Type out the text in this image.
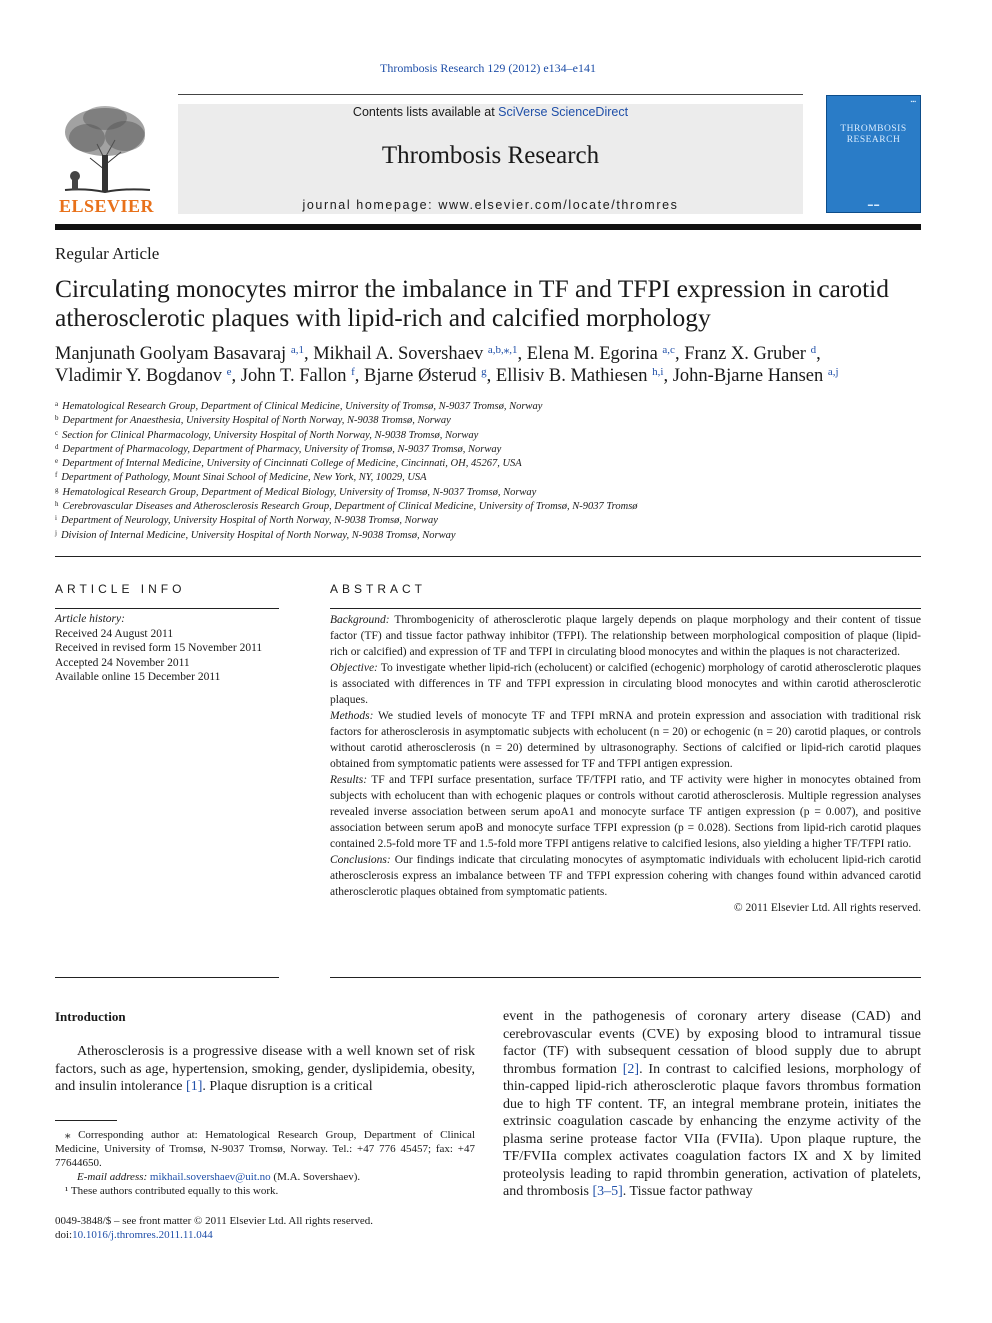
Thrombosis Research 129 (2012) e134–e141
ELSEVIER
Contents lists available at SciVerse ScienceDirect
Thrombosis Research
journal homepage: www.elsevier.com/locate/thromres
▪▪▪
THROMBOSIS
RESEARCH
▬ ▬
Regular Article
Circulating monocytes mirror the imbalance in TF and TFPI expression in carotid atherosclerotic plaques with lipid-rich and calcified morphology
Manjunath Goolyam Basavaraj $^{a,1}$, Mikhail A. Sovershaev $^{a,b,⁎,1}$, Elena M. Egorina $^{a,c}$, Franz X. Gruber $^d$,
Vladimir Y. Bogdanov $^e$, John T. Fallon $^f$, Bjarne Østerud $^g$, Ellisiv B. Mathiesen $^{h,i}$, John-Bjarne Hansen $^{a,j}$
$^a$ Hematological Research Group, Department of Clinical Medicine, University of Tromsø, N-9037 Tromsø, Norway
$^b$ Department for Anaesthesia, University Hospital of North Norway, N-9038 Tromsø, Norway
$^c$ Section for Clinical Pharmacology, University Hospital of North Norway, N-9038 Tromsø, Norway
$^d$ Department of Pharmacology, Department of Pharmacy, University of Tromsø, N-9037 Tromsø, Norway
$^e$ Department of Internal Medicine, University of Cincinnati College of Medicine, Cincinnati, OH, 45267, USA
$^f$ Department of Pathology, Mount Sinai School of Medicine, New York, NY, 10029, USA
$^g$ Hematological Research Group, Department of Medical Biology, University of Tromsø, N-9037 Tromsø, Norway
$^h$ Cerebrovascular Diseases and Atherosclerosis Research Group, Department of Clinical Medicine, University of Tromsø, N-9037 Tromsø
$^i$ Department of Neurology, University Hospital of North Norway, N-9038 Tromsø, Norway
$^j$ Division of Internal Medicine, University Hospital of North Norway, N-9038 Tromsø, Norway
ARTICLE INFO	ABSTRACT
Article history:
Received 24 August 2011
Received in revised form 15 November 2011
Accepted 24 November 2011
Available online 15 December 2011

Background: Thrombogenicity of atherosclerotic plaque largely depends on plaque morphology and their content of tissue factor (TF) and tissue factor pathway inhibitor (TFPI). The relationship between morphological composition of plaque (lipid-rich or calcified) and expression of TF and TFPI in circulating blood monocytes and within the plaques is not characterized.

Objective: To investigate whether lipid-rich (echolucent) or calcified (echogenic) morphology of carotid atherosclerotic plaques is associated with differences in TF and TFPI expression in circulating blood monocytes and within carotid atherosclerotic plaques.

Methods: We studied levels of monocyte TF and TFPI mRNA and protein expression and association with traditional risk factors for atherosclerosis in asymptomatic subjects with echolucent (n = 20) or echogenic (n = 20) carotid plaques, or controls without carotid atherosclerosis (n = 20) determined by ultrasonography. Sections of calcified or lipid-rich carotid plaques obtained from symptomatic patients were assessed for TF and TFPI antigen expression.

Results: TF and TFPI surface presentation, surface TF/TFPI ratio, and TF activity were higher in monocytes obtained from subjects with echolucent than with echogenic plaques or controls without carotid atherosclerosis. Multiple regression analyses revealed inverse association between serum apoA1 and monocyte surface TF antigen expression (p = 0.007), and positive association between serum apoB and monocyte surface TFPI expression (p = 0.028). Sections from lipid-rich carotid plaques contained 2.5-fold more TF and 1.5-fold more TFPI antigens relative to calcified lesions, also yielding a higher TF/TFPI ratio.

Conclusions: Our findings indicate that circulating monocytes of asymptomatic individuals with echolucent lipid-rich carotid atherosclerosis express an imbalance between TF and TFPI expression cohering with changes found within advanced carotid atherosclerotic plaques obtained from symptomatic patients.

© 2011 Elsevier Ltd. All rights reserved.

Introduction
Atherosclerosis is a progressive disease with a well known set of risk factors, such as age, hypertension, smoking, gender, dyslipidemia, obesity, and insulin intolerance [1]. Plaque disruption is a critical
event in the pathogenesis of coronary artery disease (CAD) and cerebrovascular events (CVE) by exposing blood to intramural tissue factor (TF) with subsequent cessation of blood supply due to abrupt thrombus formation [2]. In contrast to calcified lesions, morphology of thin-capped lipid-rich atherosclerotic plaque favors thrombus formation due to high TF content. TF, an integral membrane protein, initiates the extrinsic coagulation cascade by enhancing the enzyme activity of the plasma serine protease factor VIIa (FVIIa). Upon plaque rupture, the TF/FVIIa complex activates coagulation factors IX and X by limited proteolysis leading to rapid thrombin generation, activation of platelets, and thrombosis [3–5]. Tissue factor pathway

⁎ Corresponding author at: Hematological Research Group, Department of Clinical Medicine, University of Tromsø, N-9037 Tromsø, Norway. Tel.: +47 776 45457; fax: +47 77644650.

E-mail address: mikhail.sovershaev@uit.no (M.A. Sovershaev).

¹ These authors contributed equally to this work.

0049-3848/$ – see front matter © 2011 Elsevier Ltd. All rights reserved.
doi:10.1016/j.thromres.2011.11.044
